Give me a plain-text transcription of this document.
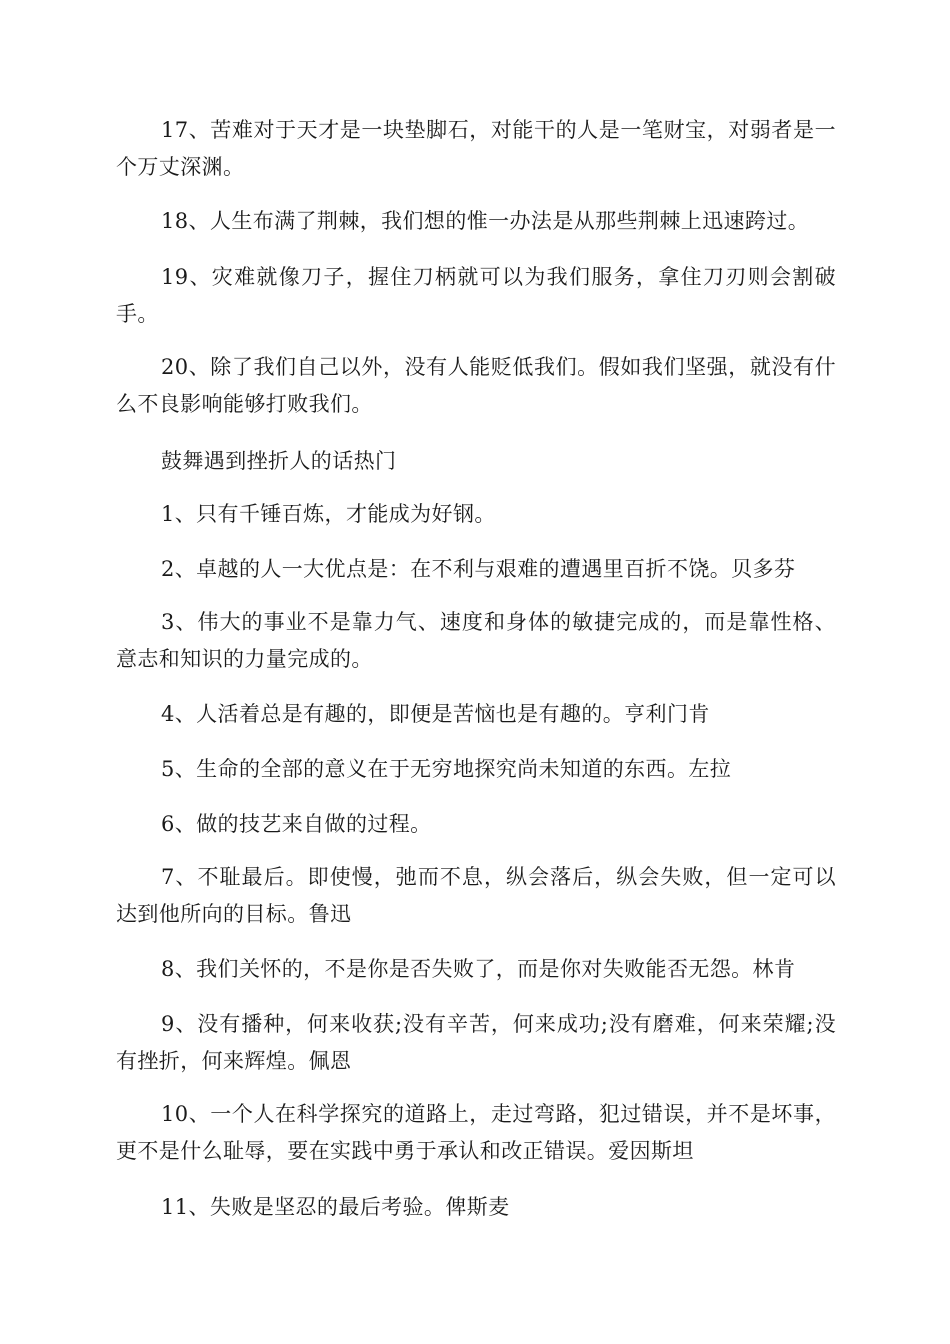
17、苦难对于天才是一块垫脚石，对能干的人是一笔财宝，对弱者是一个万丈深渊。

18、人生布满了荆棘，我们想的惟一办法是从那些荆棘上迅速跨过。

19、灾难就像刀子，握住刀柄就可以为我们服务，拿住刀刃则会割破手。

20、除了我们自己以外，没有人能贬低我们。假如我们坚强，就没有什么不良影响能够打败我们。

鼓舞遇到挫折人的话热门

1、只有千锤百炼，才能成为好钢。

2、卓越的人一大优点是：在不利与艰难的遭遇里百折不饶。贝多芬

3、伟大的事业不是靠力气、速度和身体的敏捷完成的，而是靠性格、意志和知识的力量完成的。

4、人活着总是有趣的，即便是苦恼也是有趣的。亨利门肯

5、生命的全部的意义在于无穷地探究尚未知道的东西。左拉

6、做的技艺来自做的过程。

7、不耻最后。即使慢，弛而不息，纵会落后，纵会失败，但一定可以达到他所向的目标。鲁迅

8、我们关怀的，不是你是否失败了，而是你对失败能否无怨。林肯

9、没有播种，何来收获;没有辛苦，何来成功;没有磨难，何来荣耀;没有挫折，何来辉煌。佩恩

10、一个人在科学探究的道路上，走过弯路，犯过错误，并不是坏事，更不是什么耻辱，要在实践中勇于承认和改正错误。爱因斯坦

11、失败是坚忍的最后考验。俾斯麦
